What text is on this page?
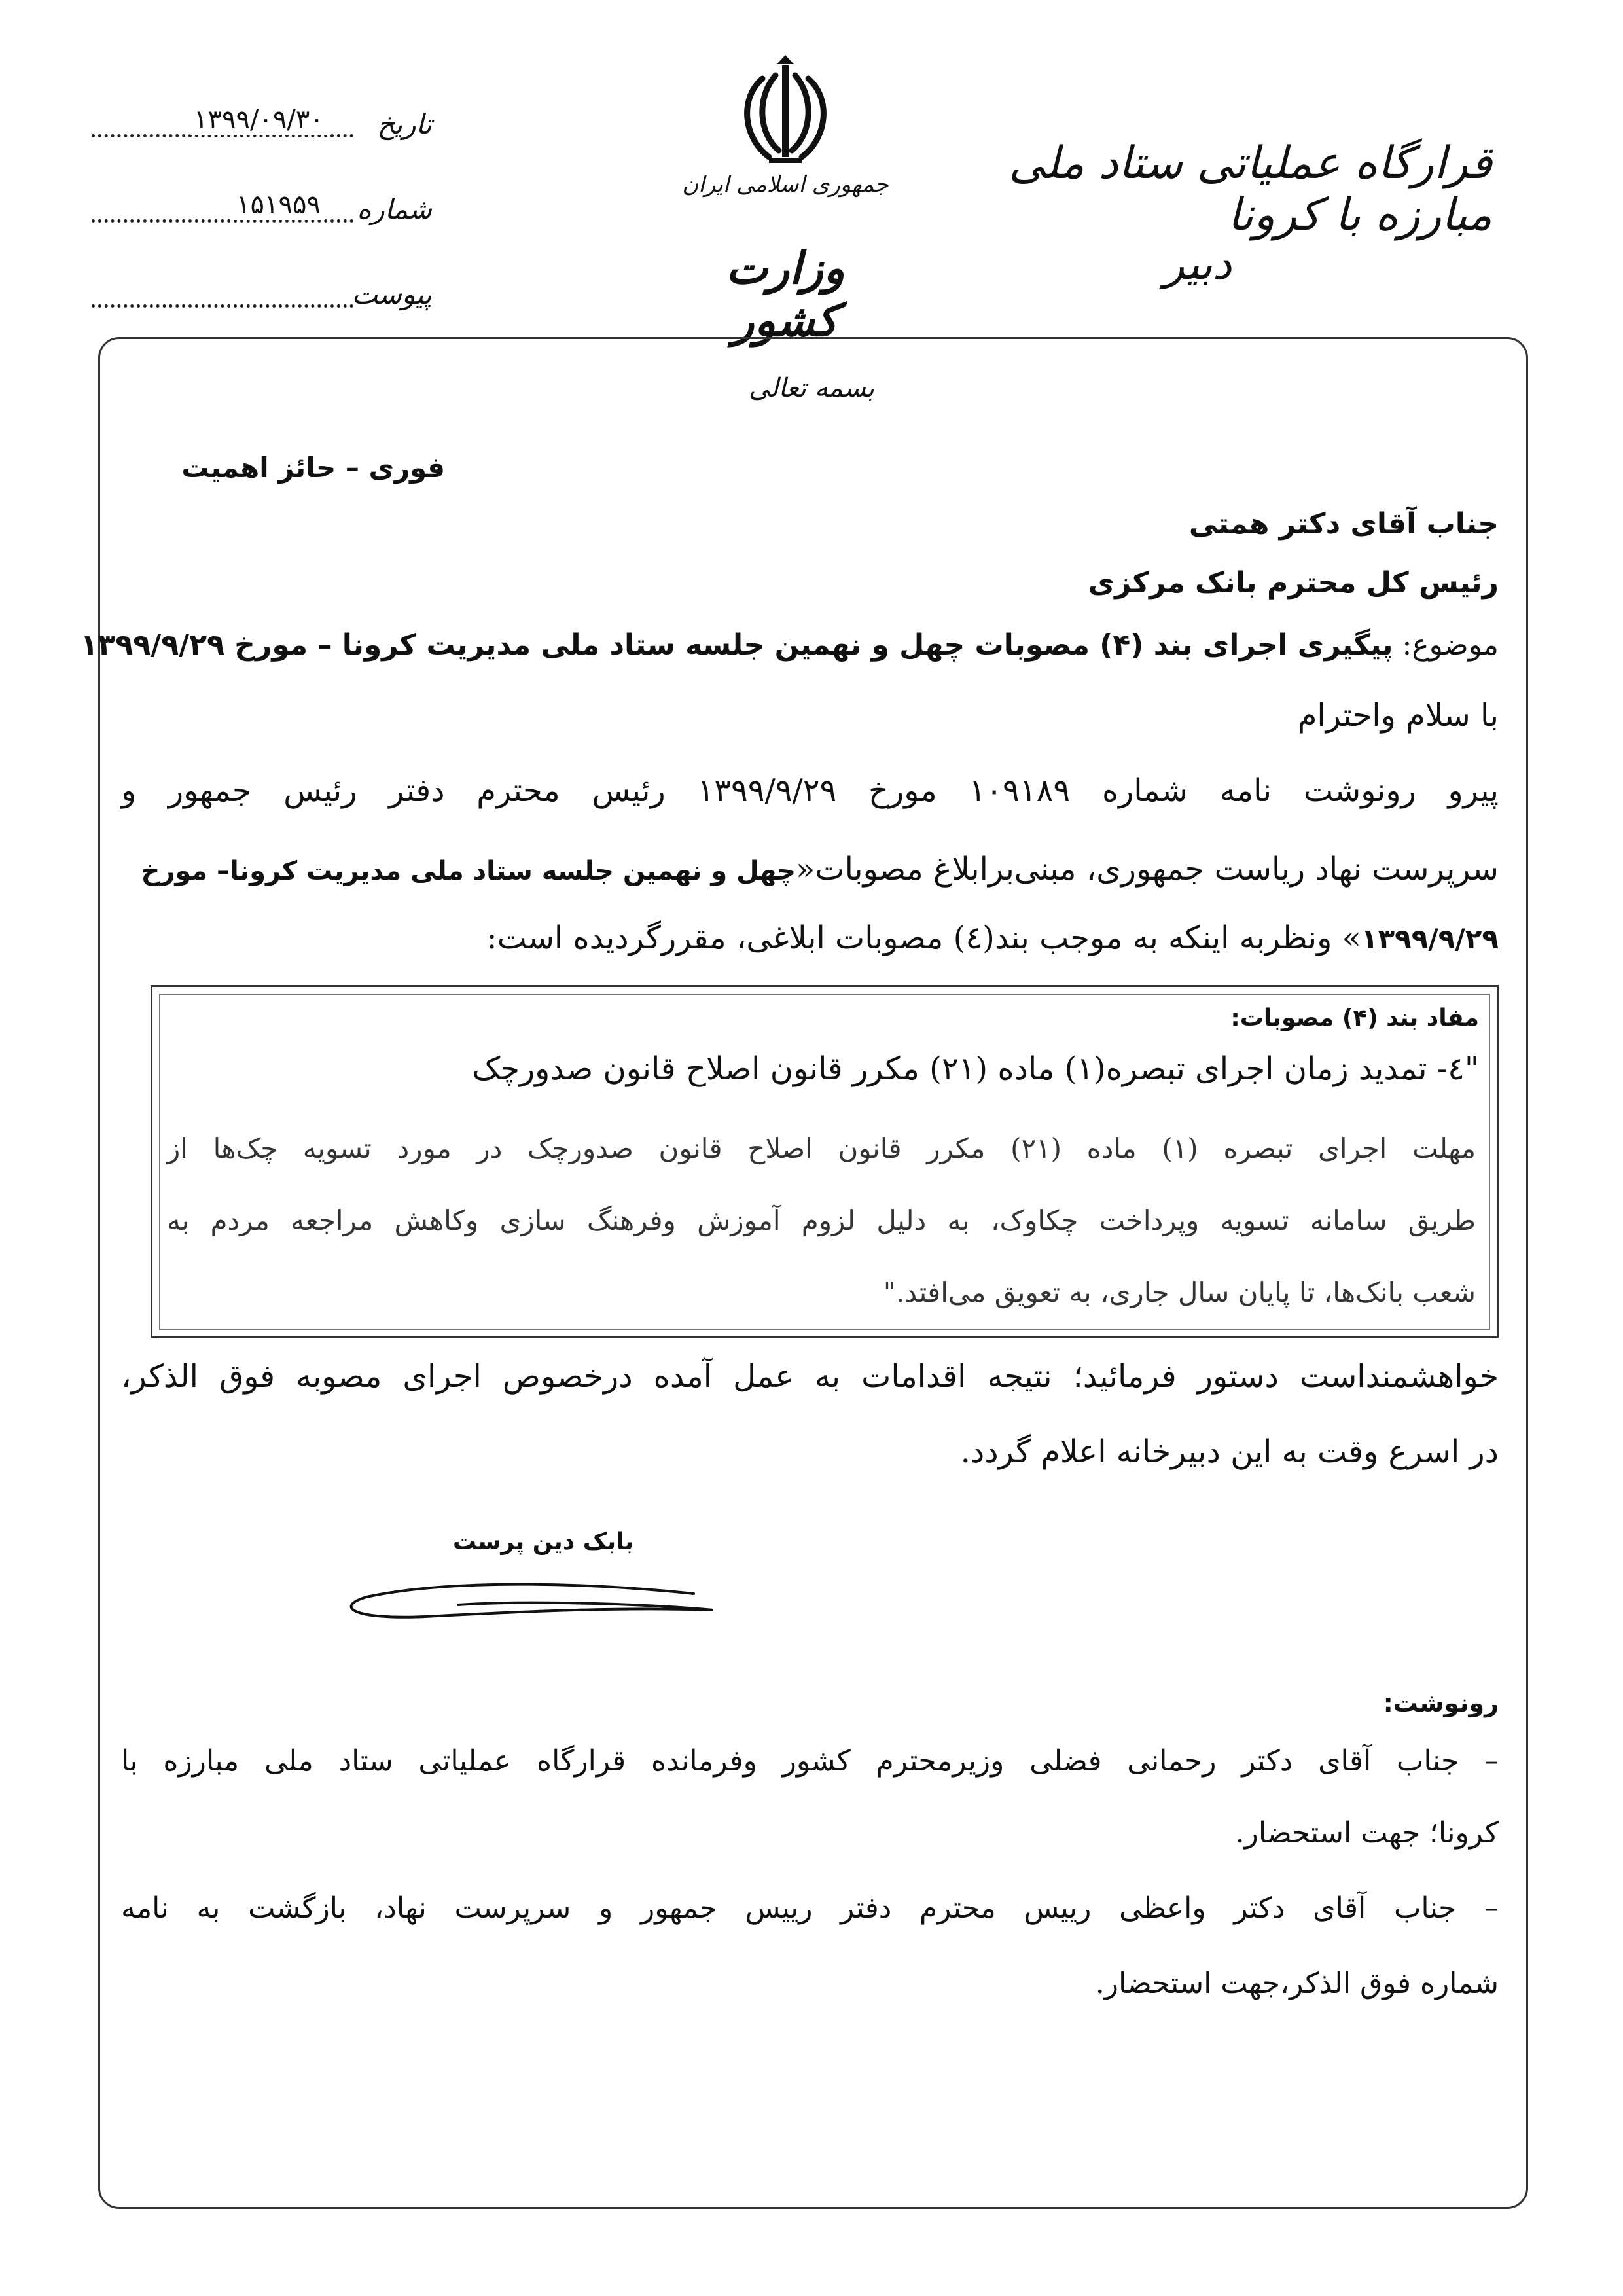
۱۳۹۹/۰۹/۳۰ تاریخ
۱۵۱۹۵۹ شماره
پیوست
جمهوری اسلامی ایران
وزارت کشور
قرارگاه عملیاتی ستاد ملی مبارزه با کرونا
دبیر
بسمه تعالی
فوری – حائز اهمیت
جناب آقای دکتر همتی
رئیس کل محترم بانک مرکزی
موضوع: پیگیری اجرای بند (۴) مصوبات چهل و نهمین جلسه ستاد ملی مدیریت کرونا – مورخ ۱۳۹۹/۹/۲۹
با سلام واحترام
پیرو رونوشت نامه شماره ۱۰۹۱۸۹ مورخ ۱۳۹۹/۹/۲۹ رئیس محترم دفتر رئیس جمهور و
سرپرست نهاد ریاست جمهوری، مبنی‌برابلاغ مصوبات«چهل و نهمین جلسه ستاد ملی مدیریت کرونا– مورخ
۱۳۹۹/۹/۲۹» ونظربه اینکه به موجب بند(٤) مصوبات ابلاغی، مقررگردیده است:
مفاد بند (۴) مصوبات:
"٤- تمدید زمان اجرای تبصره(١) ماده (٢١) مکرر قانون اصلاح قانون صدورچک
مهلت اجرای تبصره (١) ماده (٢١) مکرر قانون اصلاح قانون صدورچک در مورد تسویه چک‌ها از
طریق سامانه تسویه وپرداخت چکاوک، به دلیل لزوم آموزش وفرهنگ سازی وکاهش مراجعه مردم به
شعب بانک‌ها، تا پایان سال جاری، به تعویق می‌افتد."
خواهشمنداست دستور فرمائید؛ نتیجه اقدامات به عمل آمده درخصوص اجرای مصوبه فوق الذکر،
در اسرع وقت به این دبیرخانه اعلام گردد.
بابک دین پرست
رونوشت:
– جناب آقای دکتر رحمانی فضلی وزیرمحترم کشور وفرمانده قرارگاه عملیاتی ستاد ملی مبارزه با
کرونا؛ جهت استحضار.
– جناب آقای دکتر واعظی رییس محترم دفتر رییس جمهور و سرپرست نهاد، بازگشت به نامه
شماره فوق الذکر،جهت استحضار.
